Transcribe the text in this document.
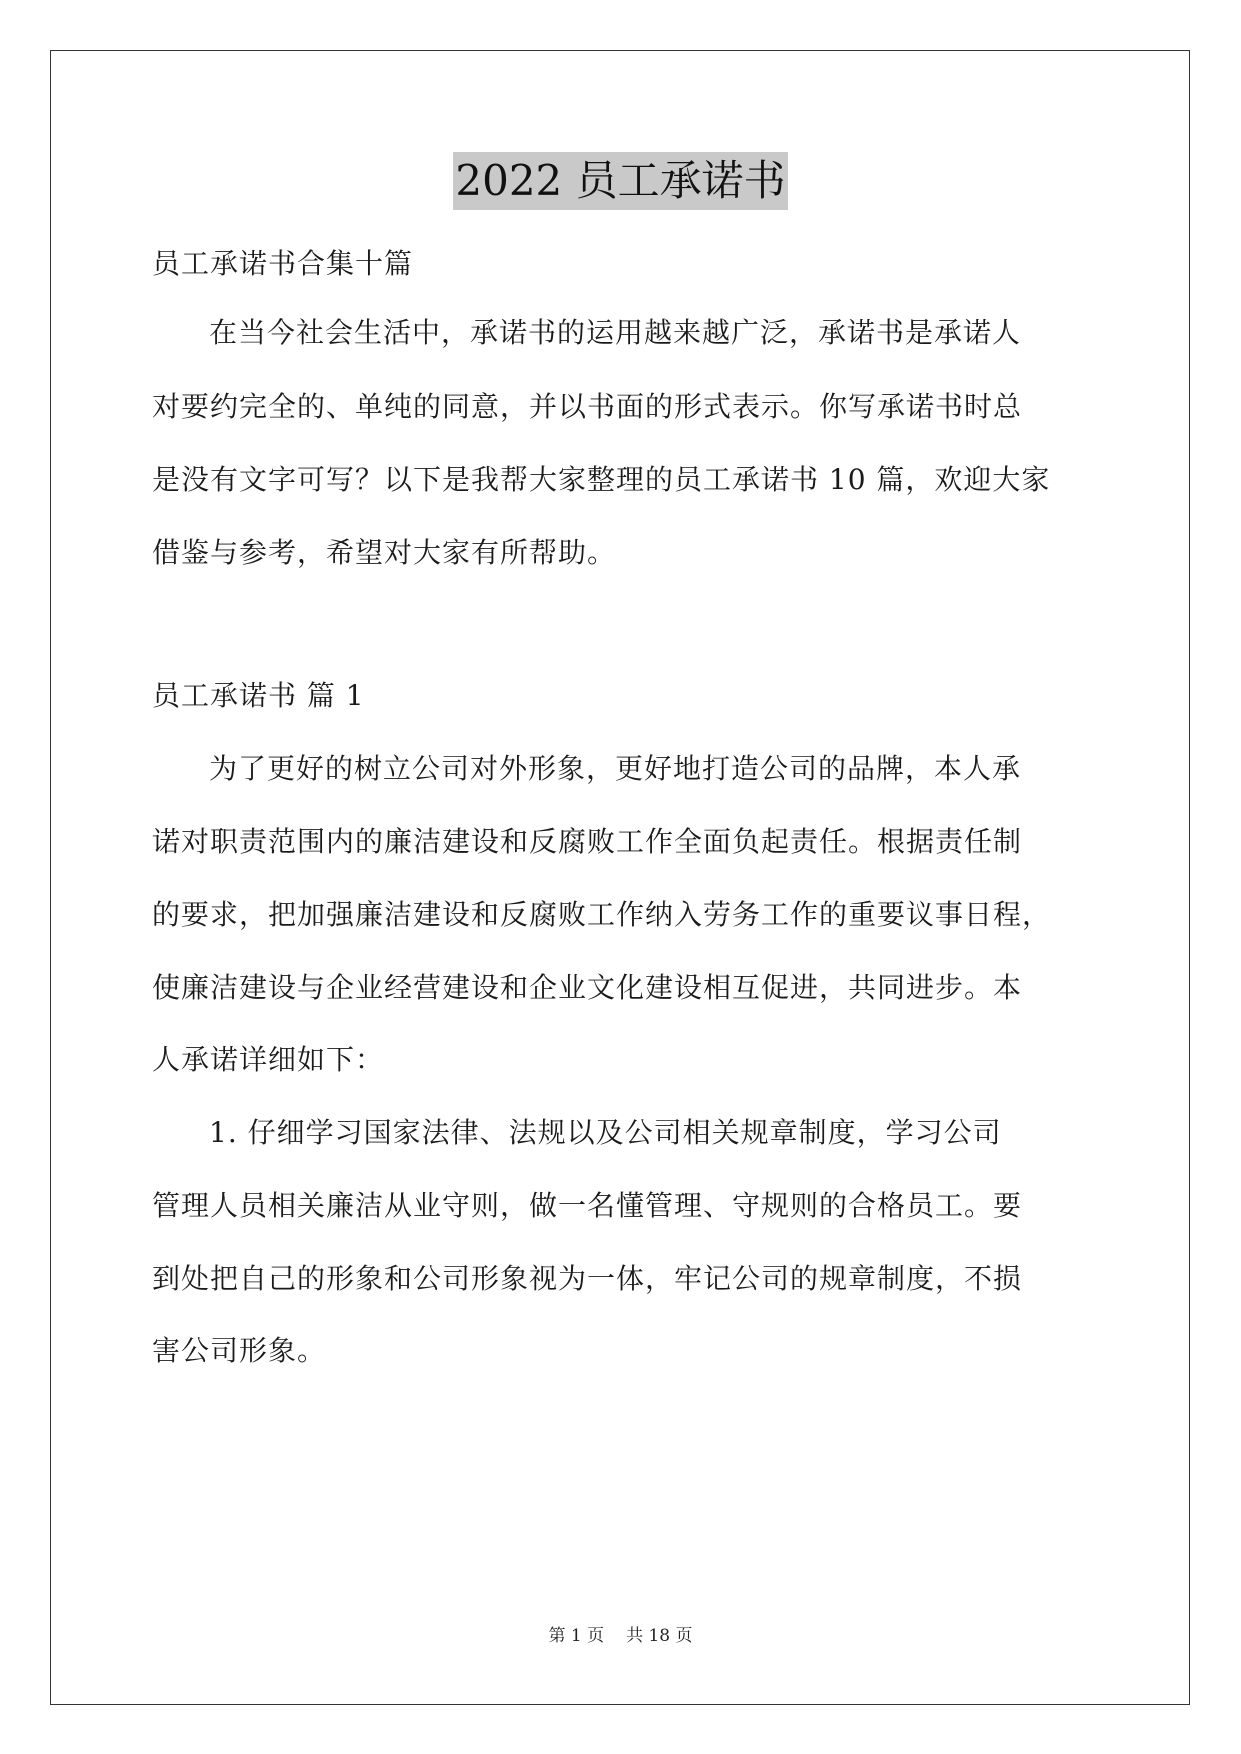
2022 员工承诺书
员工承诺书合集十篇
在当今社会生活中，承诺书的运用越来越广泛，承诺书是承诺人
对要约完全的、单纯的同意，并以书面的形式表示。你写承诺书时总
是没有文字可写？以下是我帮大家整理的员工承诺书 10 篇，欢迎大家
借鉴与参考，希望对大家有所帮助。
员工承诺书 篇 1
为了更好的树立公司对外形象，更好地打造公司的品牌，本人承
诺对职责范围内的廉洁建设和反腐败工作全面负起责任。根据责任制
的要求，把加强廉洁建设和反腐败工作纳入劳务工作的重要议事日程，
使廉洁建设与企业经营建设和企业文化建设相互促进，共同进步。本
人承诺详细如下：
1. 仔细学习国家法律、法规以及公司相关规章制度，学习公司
管理人员相关廉洁从业守则，做一名懂管理、守规则的合格员工。要
到处把自己的形象和公司形象视为一体，牢记公司的规章制度，不损
害公司形象。
第 1 页 共 18 页
